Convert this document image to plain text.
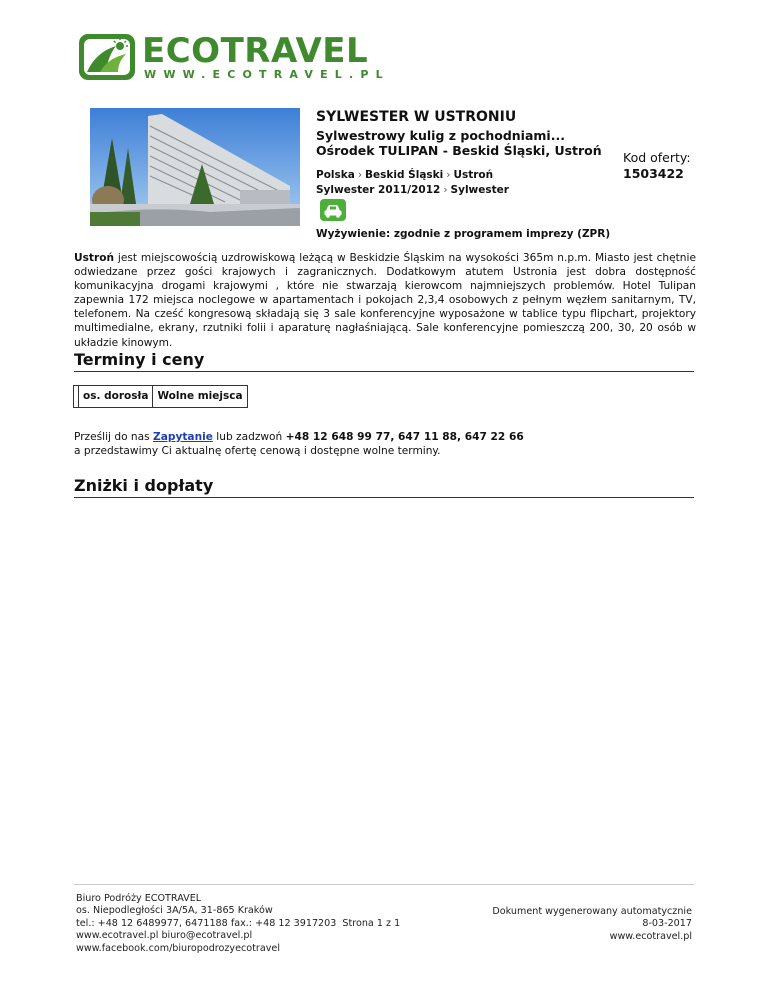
ECOTRAVEL
WWW.ECOTRAVEL.PL
SYLWESTER W USTRONIU
Sylwestrowy kulig z pochodniami...
Ośrodek TULIPAN - Beskid Śląski, Ustroń
Polska › Beskid Śląski › Ustroń
Sylwester 2011/2012 › Sylwester
Kod oferty:
1503422
Wyżywienie: zgodnie z programem imprezy (ZPR)
Ustroń jest miejscowością uzdrowiskową leżącą w Beskidzie Śląskim na wysokości 365m n.p.m. Miasto jest chętnie odwiedzane przez gości krajowych i zagranicznych. Dodatkowym atutem Ustronia jest dobra dostępność komunikacyjna drogami krajowymi , które nie stwarzają kierowcom najmniejszych problemów. Hotel Tulipan zapewnia 172 miejsca noclegowe w apartamentach i pokojach 2,3,4 osobowych z pełnym węzłem sanitarnym, TV, telefonem. Na cześć kongresową składają się 3 sale konferencyjne wyposażone w tablice typu flipchart, projektory multimedialne, ekrany, rzutniki folii i aparaturę nagłaśniającą. Sale konferencyjne pomieszczą 200, 30, 20 osób w układzie kinowym.
Terminy i ceny
	os. dorosła	Wolne miejsca
Prześlij do nas Zapytanie lub zadzwoń +48 12 648 99 77, 647 11 88, 647 22 66
a przedstawimy Ci aktualnę ofertę cenową i dostępne wolne terminy.
Zniżki i dopłaty
Biuro Podróży ECOTRAVEL
os. Niepodległości 3A/5A, 31-865 Kraków
tel.: +48 12 6489977, 6471188 fax.: +48 12 3917203 Strona 1 z 1
www.ecotravel.pl biuro@ecotravel.pl
www.facebook.com/biuropodrozyecotravel
Dokument wygenerowany automatycznie
8-03-2017
www.ecotravel.pl
